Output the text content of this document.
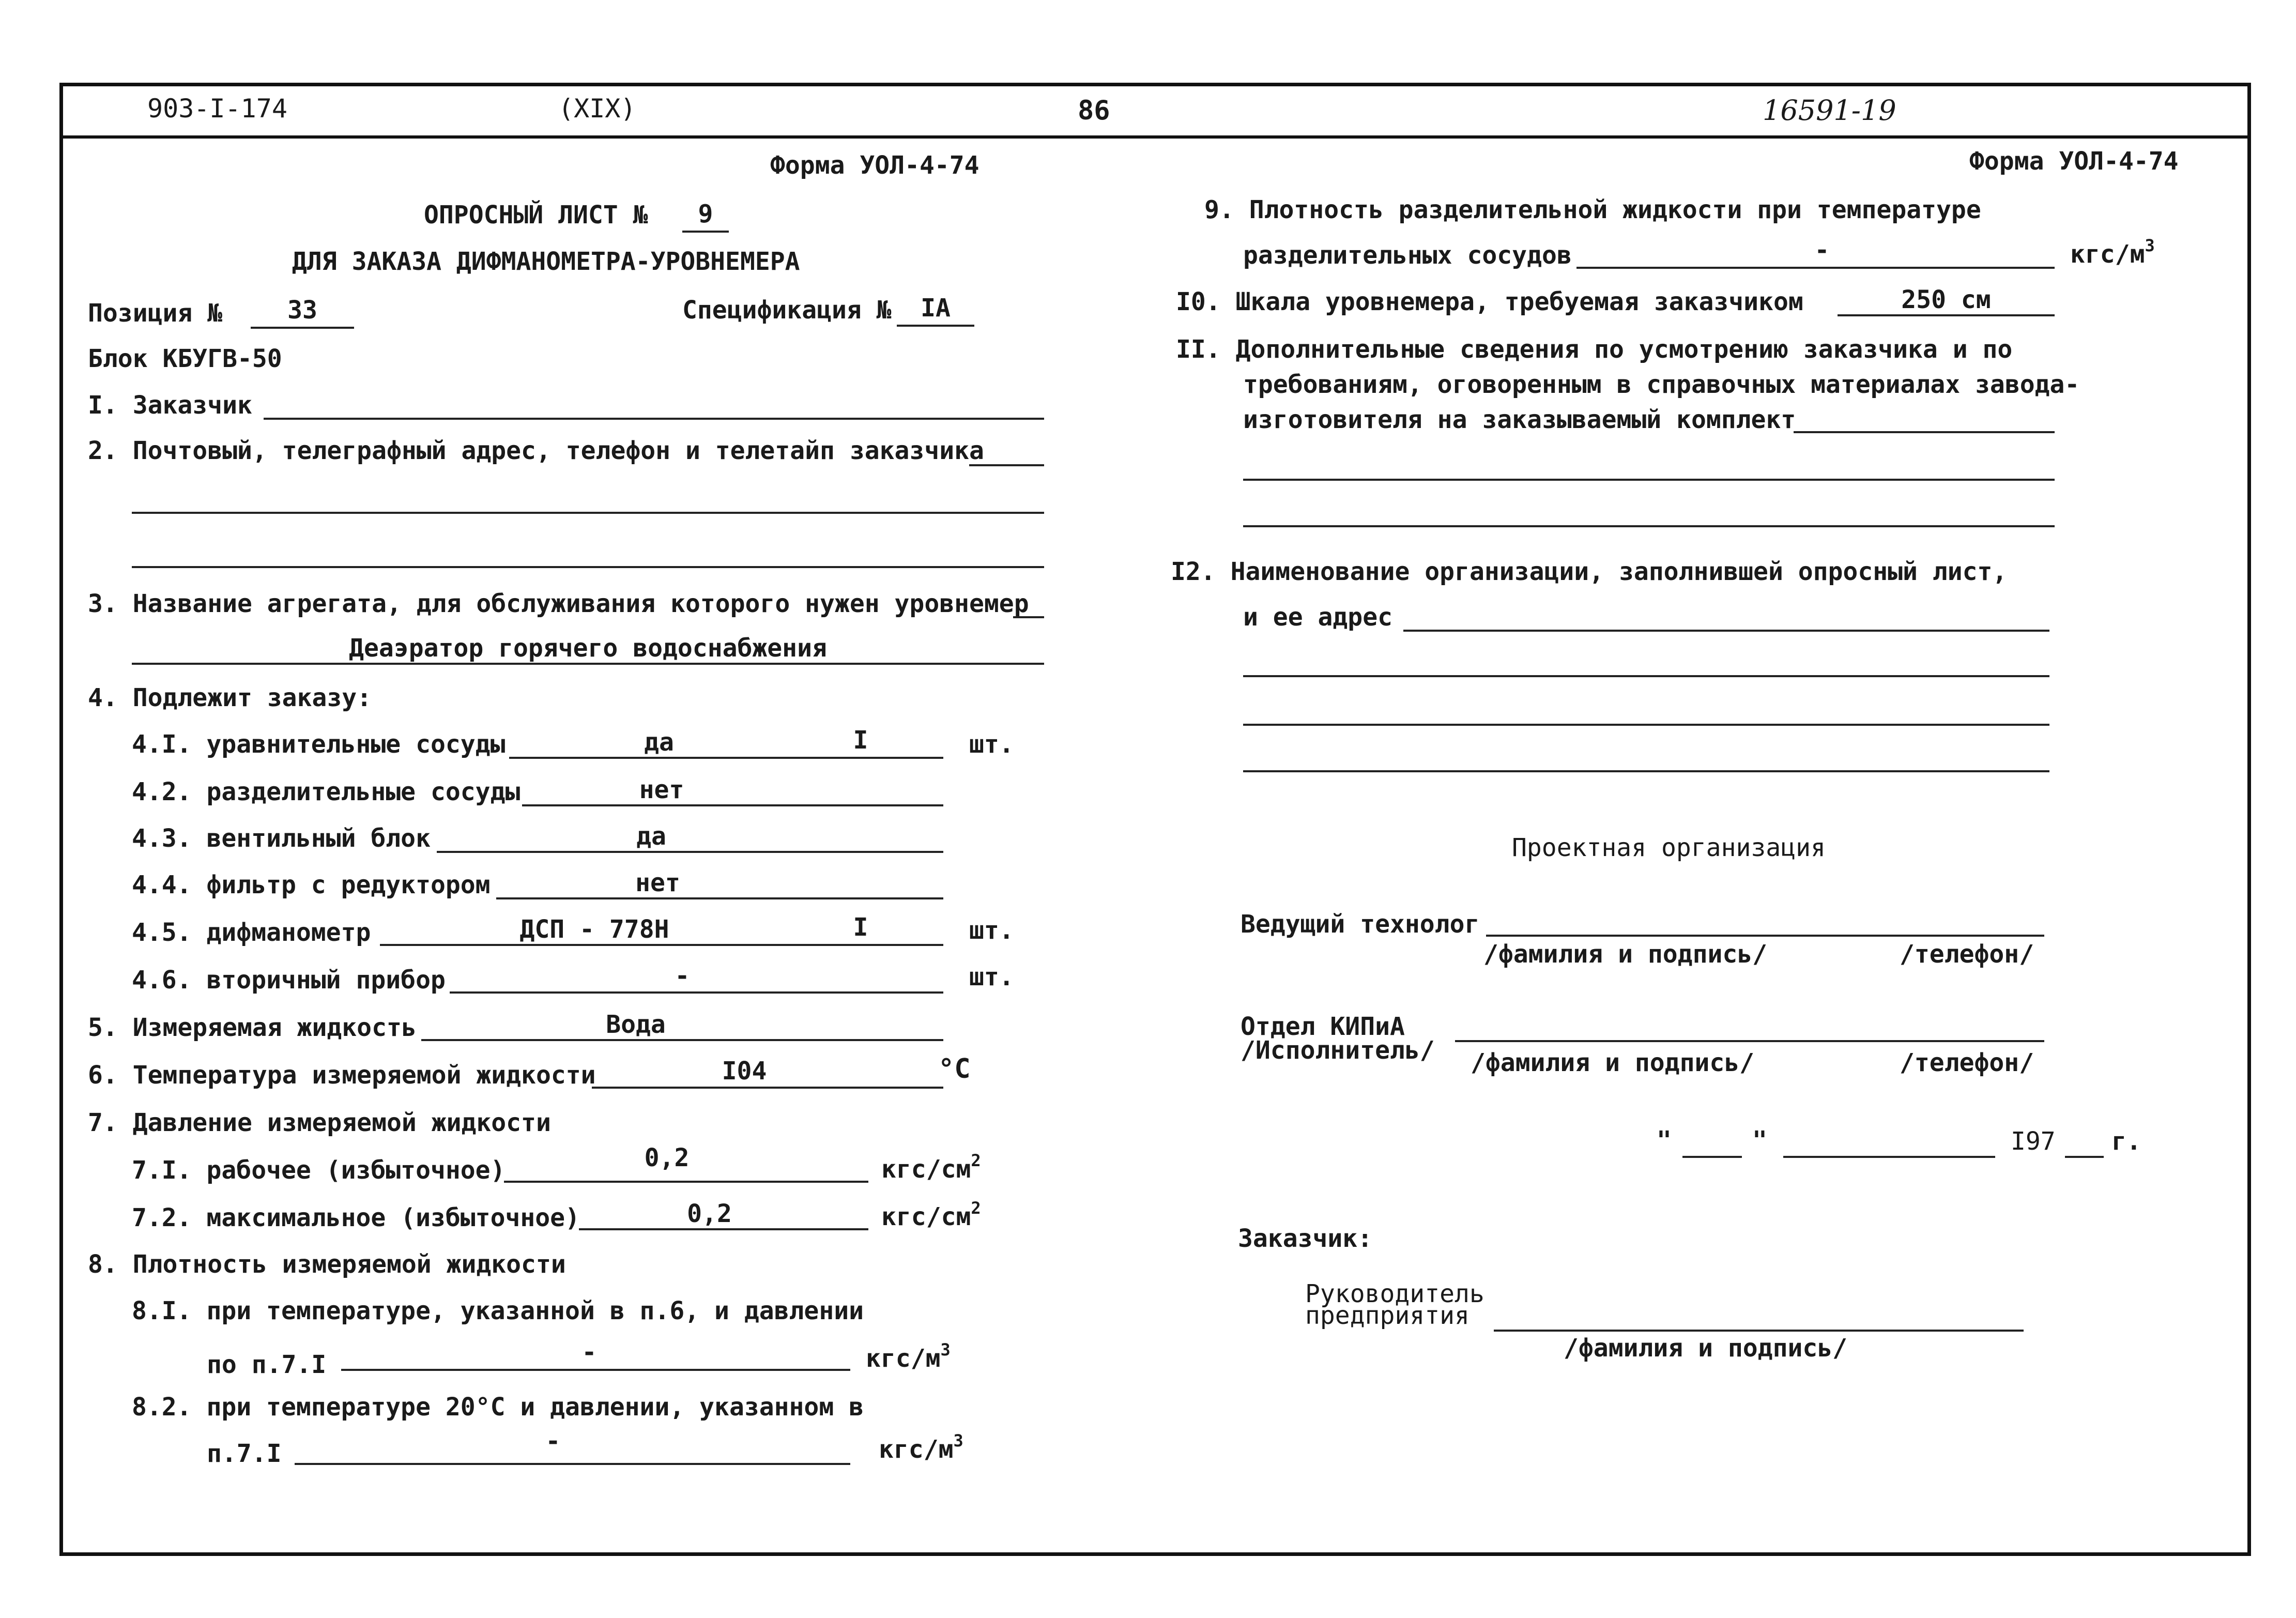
903-I-174	(XIX)	86	16591-19
Форма УОЛ-4-74
ОПРОСНЫЙ ЛИСТ №	9
ДЛЯ ЗАКАЗА ДИФМАНОМЕТРА-УРОВНЕМЕРА
Позиция №	33	Спецификация №	IA
Блок КБУГВ-50
I. Заказчик
2. Почтовый, телеграфный адрес, телефон и телетайп заказчика
3. Название агрегата, для обслуживания которого нужен уровнемер
Деаэратор горячего водоснабжения
4. Подлежит заказу:
4.I. уравнительные сосуды	да	I	шт.
4.2. разделительные сосуды	нет
4.3. вентильный блок	да
4.4. фильтр с редуктором	нет
4.5. дифманометр	ДСП - 778Н	I	шт.
4.6. вторичный прибор	-	шт.
5. Измеряемая жидкость	Вода
6. Температура измеряемой жидкости	I04	°С
7. Давление измеряемой жидкости
7.I. рабочее (избыточное)	0,2	кгс/$см^2$
7.2. максимальное (избыточное)	0,2	кгс/$см^2$
8. Плотность измеряемой жидкости
8.I. при температуре, указанной в п.6, и давлении
по п.7.I	-	кгс/$м^3$
8.2. при температуре 20°С и давлении, указанном в
п.7.I	-	кгс/$м^3$
Форма УОЛ-4-74
9. Плотность разделительной жидкости при температуре
разделительных сосудов	-	кгс/$м^3$
I0. Шкала уровнемера, требуемая заказчиком	250 см
II. Дополнительные сведения по усмотрению заказчика и по
требованиям, оговоренным в справочных материалах завода-
изготовителя на заказываемый комплект
I2. Наименование организации, заполнившей опросный лист,
и ее адрес
Проектная организация
Ведущий технолог
/фамилия и подпись/	/телефон/
Отдел КИПиА
/Исполнитель/ /фамилия и подпись/	/телефон/
"	"	I97 г.
Заказчик:
Руководитель
предприятия
/фамилия и подпись/
